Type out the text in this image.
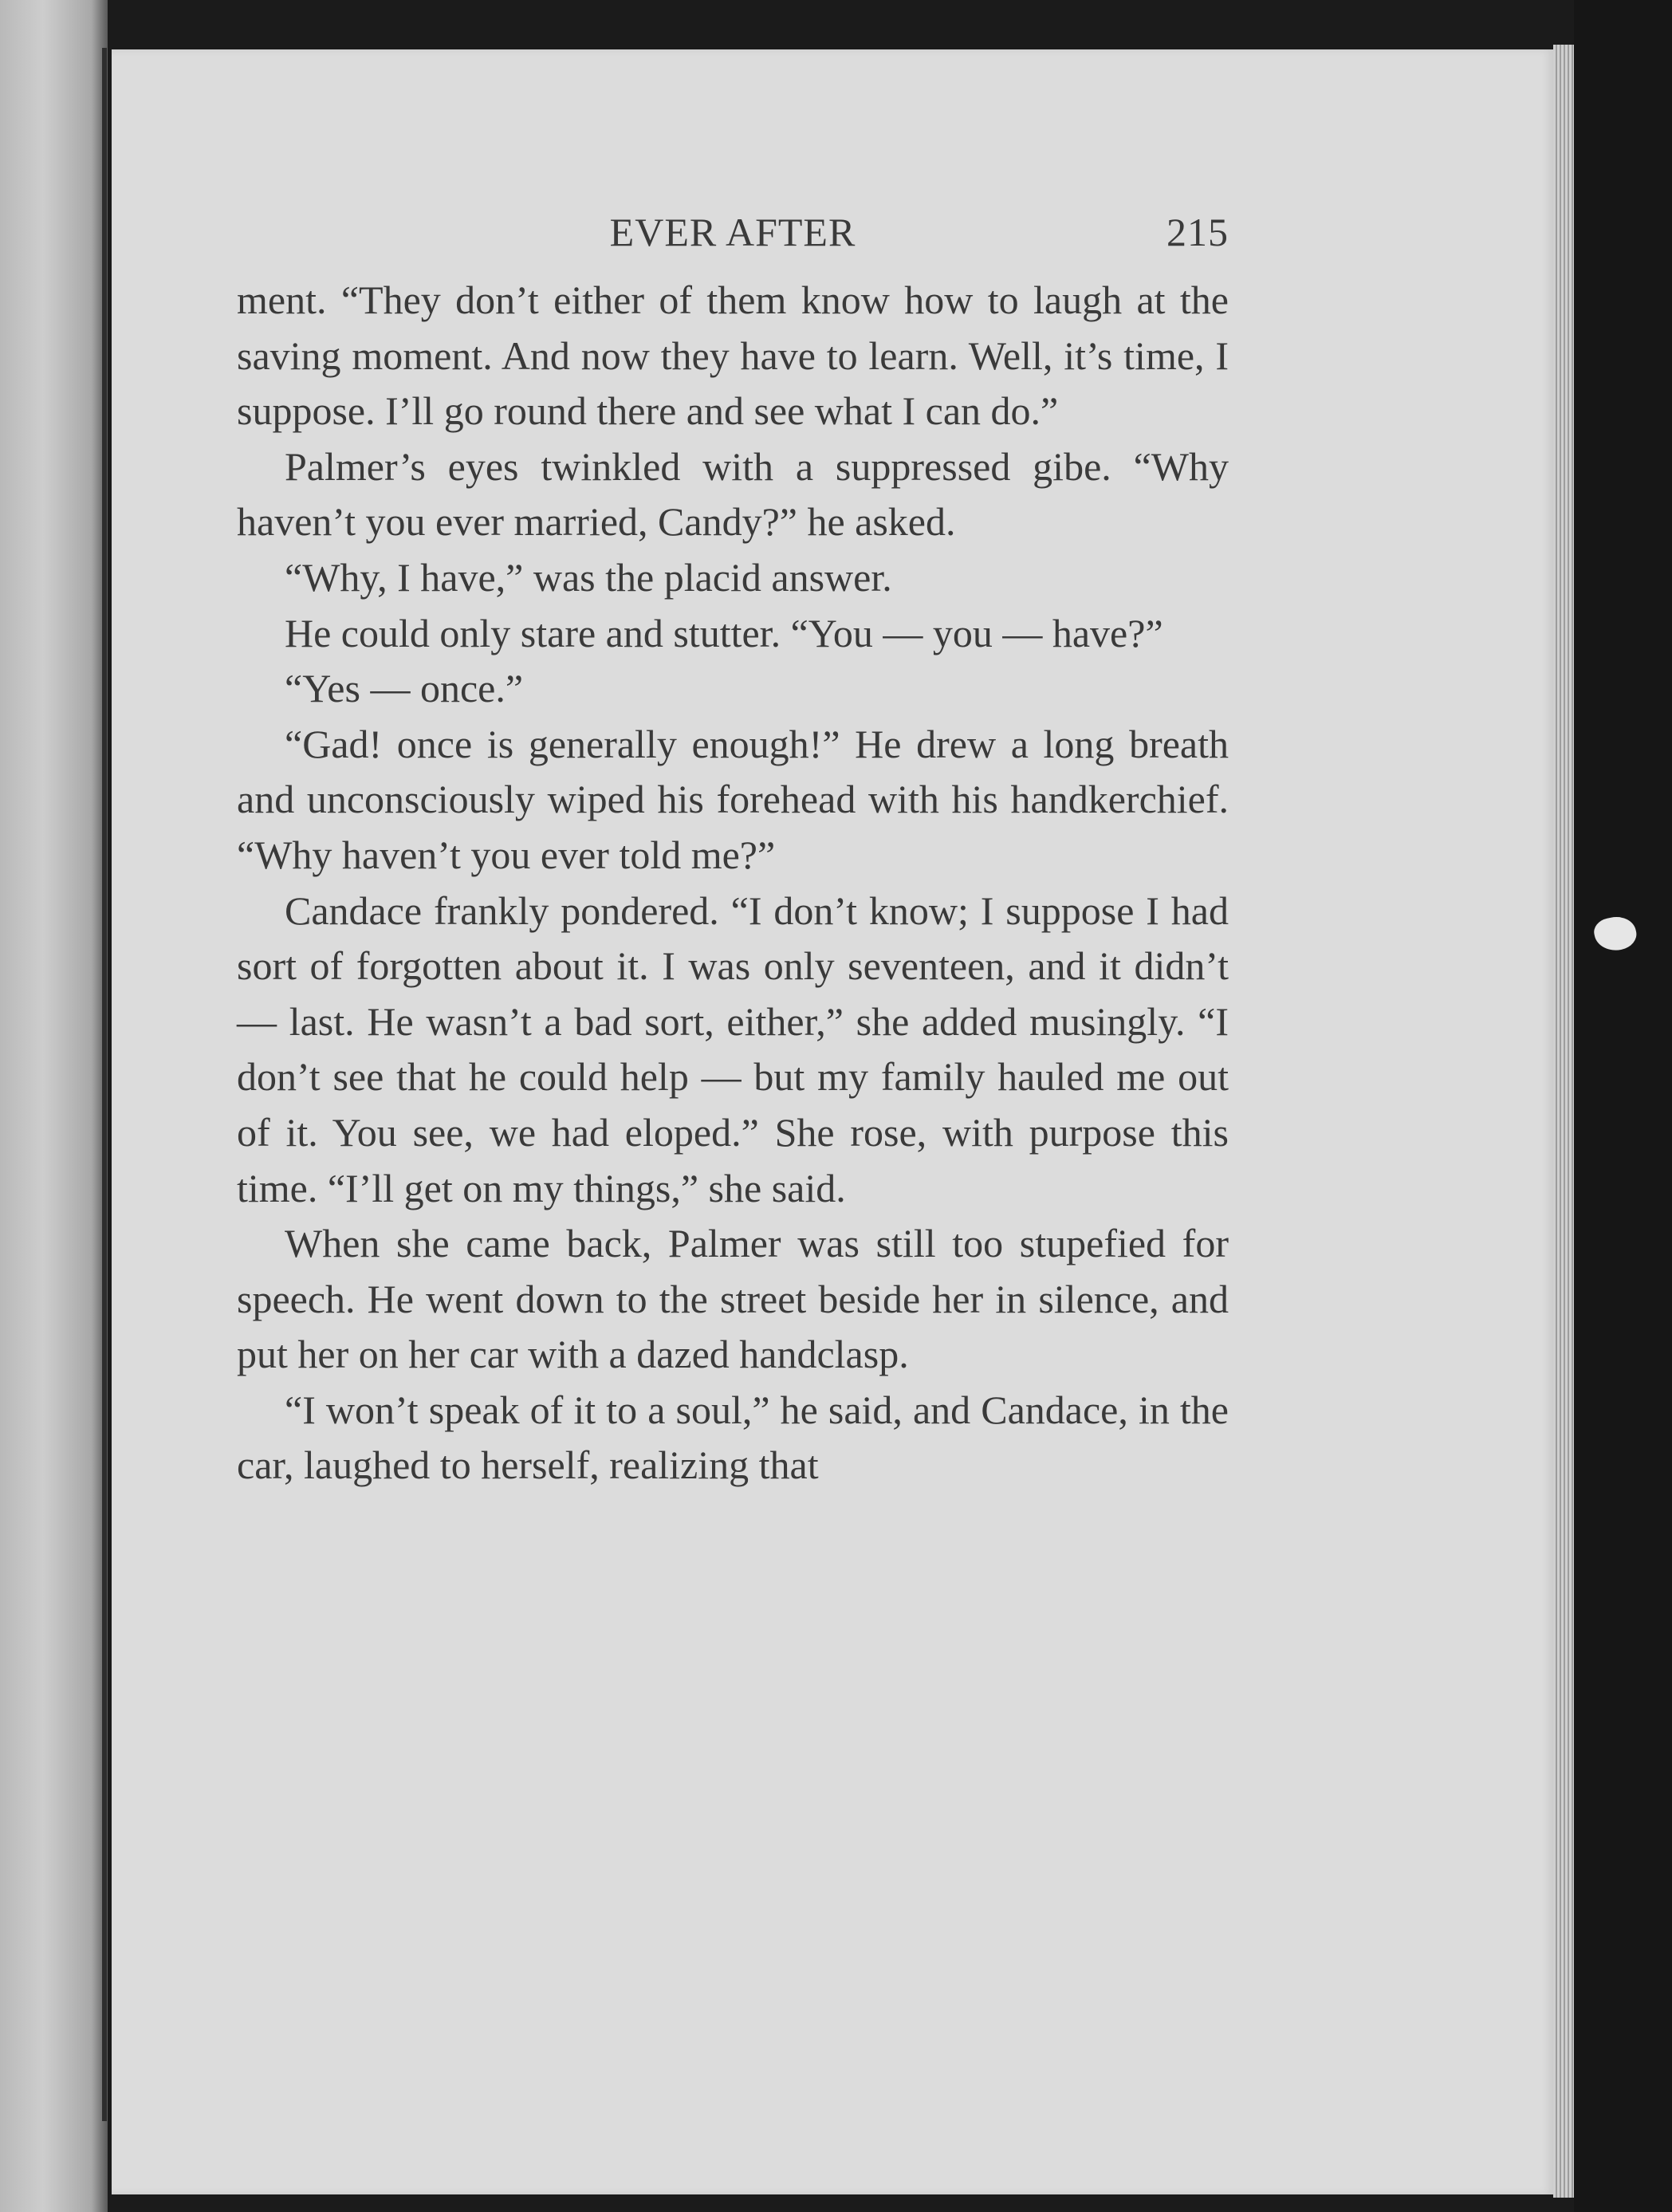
EVER AFTER	215

ment. “They don’t either of them know how to laugh at the saving moment. And now they have to learn. Well, it’s time, I suppose. I’ll go round there and see what I can do.”

Palmer’s eyes twinkled with a suppressed gibe. “Why haven’t you ever married, Candy?” he asked.

“Why, I have,” was the placid answer.

He could only stare and stutter. “You — you — have?”

“Yes — once.”

“Gad! once is generally enough!” He drew a long breath and unconsciously wiped his forehead with his handkerchief. “Why haven’t you ever told me?”

Candace frankly pondered. “I don’t know; I suppose I had sort of forgotten about it. I was only seventeen, and it didn’t — last. He wasn’t a bad sort, either,” she added musingly. “I don’t see that he could help — but my family hauled me out of it. You see, we had eloped.” She rose, with purpose this time. “I’ll get on my things,” she said.

When she came back, Palmer was still too stupefied for speech. He went down to the street beside her in silence, and put her on her car with a dazed handclasp.

“I won’t speak of it to a soul,” he said, and Candace, in the car, laughed to herself, realizing that
